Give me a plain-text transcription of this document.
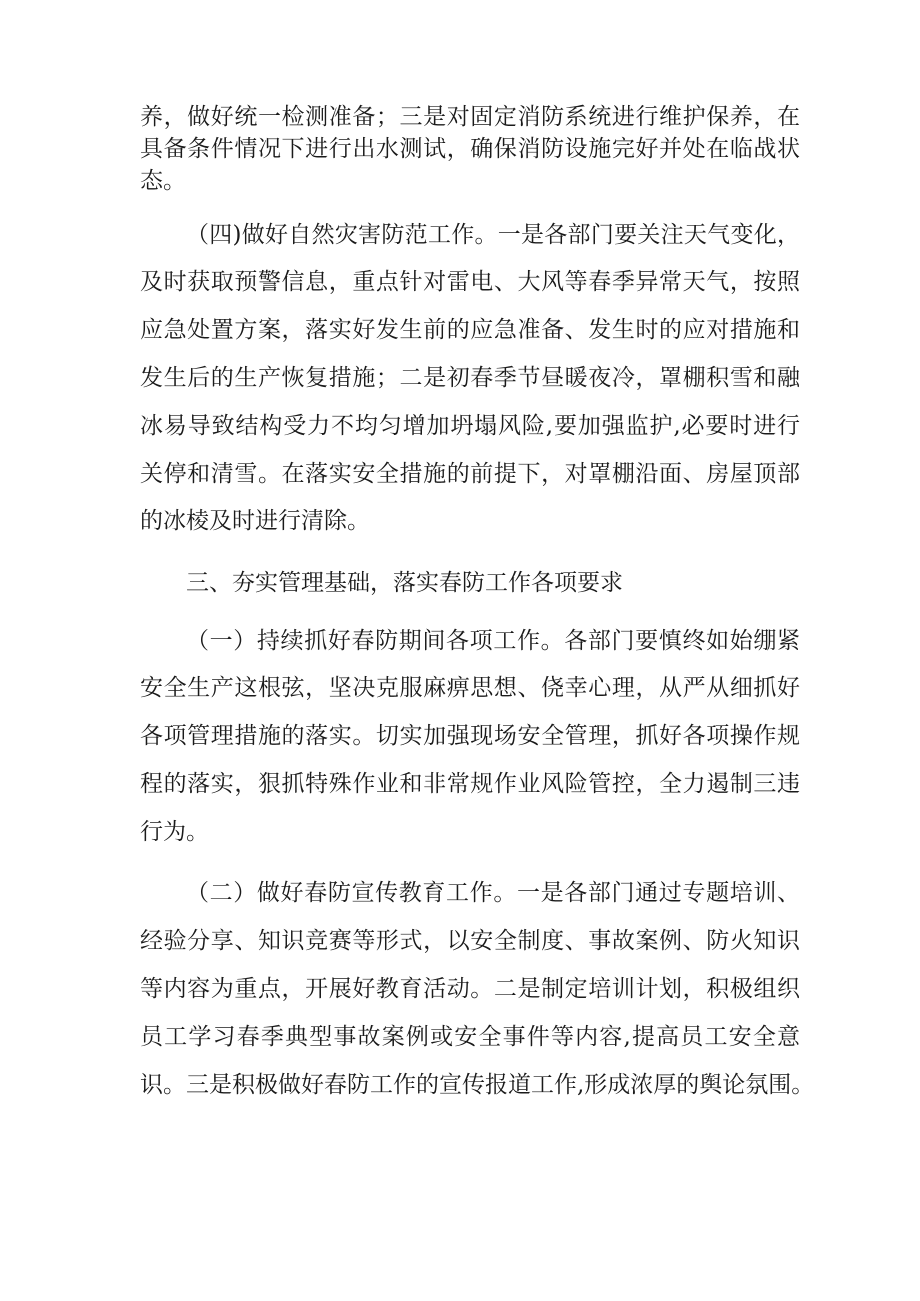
养，做好统一检测准备；三是对固定消防系统进行维护保养，在
具备条件情况下进行出水测试，确保消防设施完好并处在临战状
态。
（四)做好自然灾害防范工作。一是各部门要关注天气变化，
及时获取预警信息，重点针对雷电、大风等春季异常天气，按照
应急处置方案，落实好发生前的应急准备、发生时的应对措施和
发生后的生产恢复措施；二是初春季节昼暖夜冷，罩棚积雪和融
冰易导致结构受力不均匀增加坍塌风险,要加强监护,必要时进行
关停和清雪。在落实安全措施的前提下，对罩棚沿面、房屋顶部
的冰棱及时进行清除。
三、夯实管理基础，落实春防工作各项要求
（一）持续抓好春防期间各项工作。各部门要慎终如始绷紧
安全生产这根弦，坚决克服麻痹思想、侥幸心理，从严从细抓好
各项管理措施的落实。切实加强现场安全管理，抓好各项操作规
程的落实，狠抓特殊作业和非常规作业风险管控，全力遏制三违
行为。
（二）做好春防宣传教育工作。一是各部门通过专题培训、
经验分享、知识竞赛等形式，以安全制度、事故案例、防火知识
等内容为重点，开展好教育活动。二是制定培训计划，积极组织
员工学习春季典型事故案例或安全事件等内容,提高员工安全意
识。三是积极做好春防工作的宣传报道工作,形成浓厚的舆论氛围。
